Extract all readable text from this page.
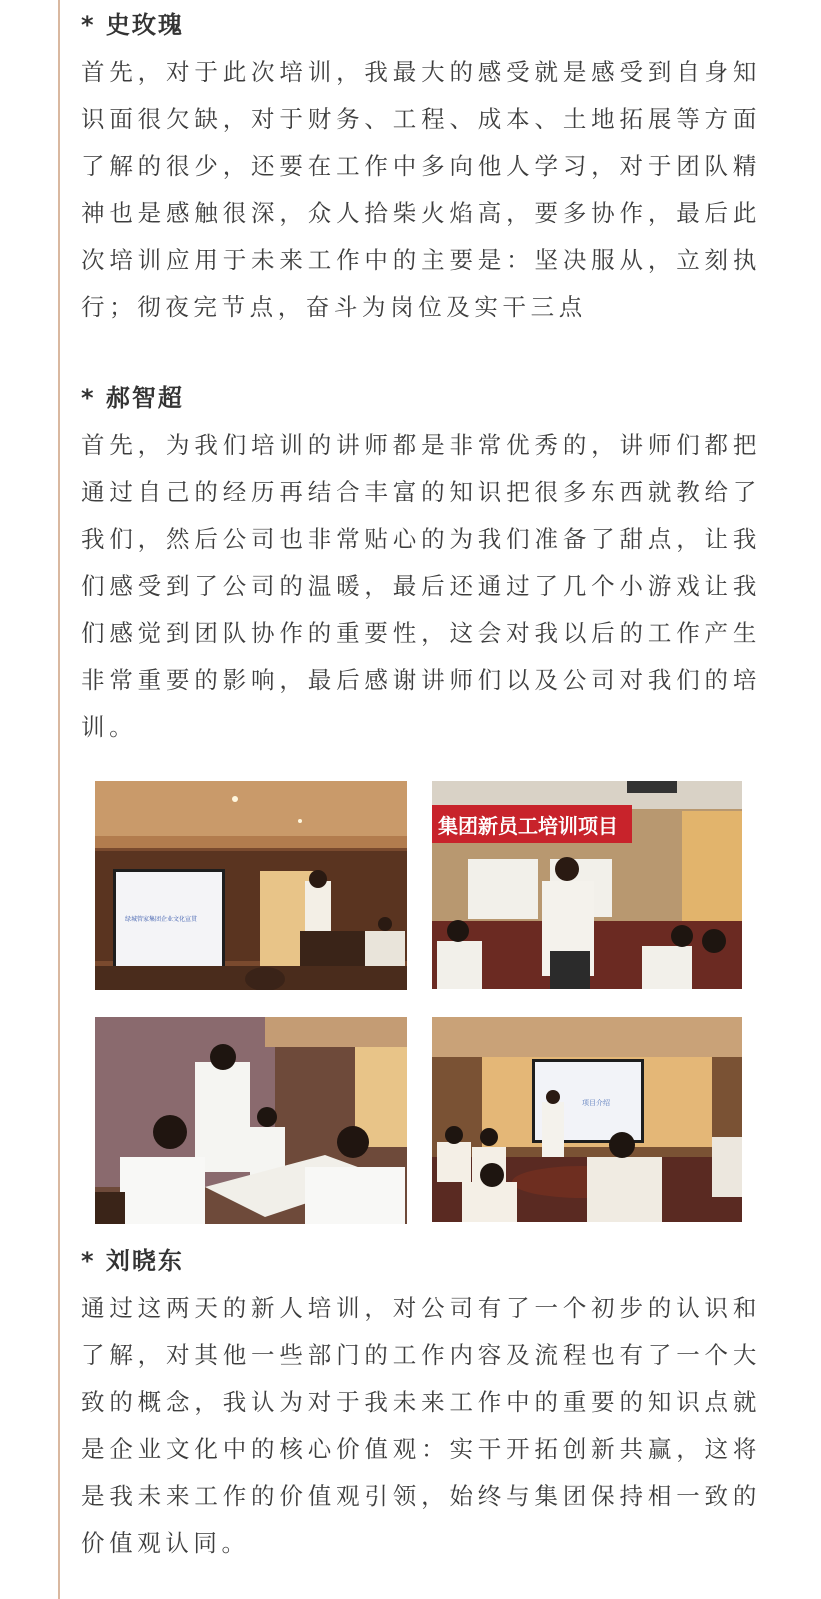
* 史玫瑰

首先，对于此次培训，我最大的感受就是感受到自身知识面很欠缺，对于财务、工程、成本、土地拓展等方面了解的很少，还要在工作中多向他人学习，对于团队精神也是感触很深，众人拾柴火焰高，要多协作，最后此次培训应用于未来工作中的主要是：坚决服从，立刻执行；彻夜完节点，奋斗为岗位及实干三点

* 郝智超

首先，为我们培训的讲师都是非常优秀的，讲师们都把通过自己的经历再结合丰富的知识把很多东西就教给了我们，然后公司也非常贴心的为我们准备了甜点，让我们感受到了公司的温暖，最后还通过了几个小游戏让我们感觉到团队协作的重要性，这会对我以后的工作产生非常重要的影响，最后感谢讲师们以及公司对我们的培训。

* 刘晓东

通过这两天的新人培训，对公司有了一个初步的认识和了解，对其他一些部门的工作内容及流程也有了一个大致的概念，我认为对于我未来工作中的重要的知识点就是企业文化中的核心价值观：实干开拓创新共赢，这将是我未来工作的价值观引领，始终与集团保持相一致的价值观认同。

绿城管家集团企业文化宣贯
集团新员工培训项目
项目介绍
